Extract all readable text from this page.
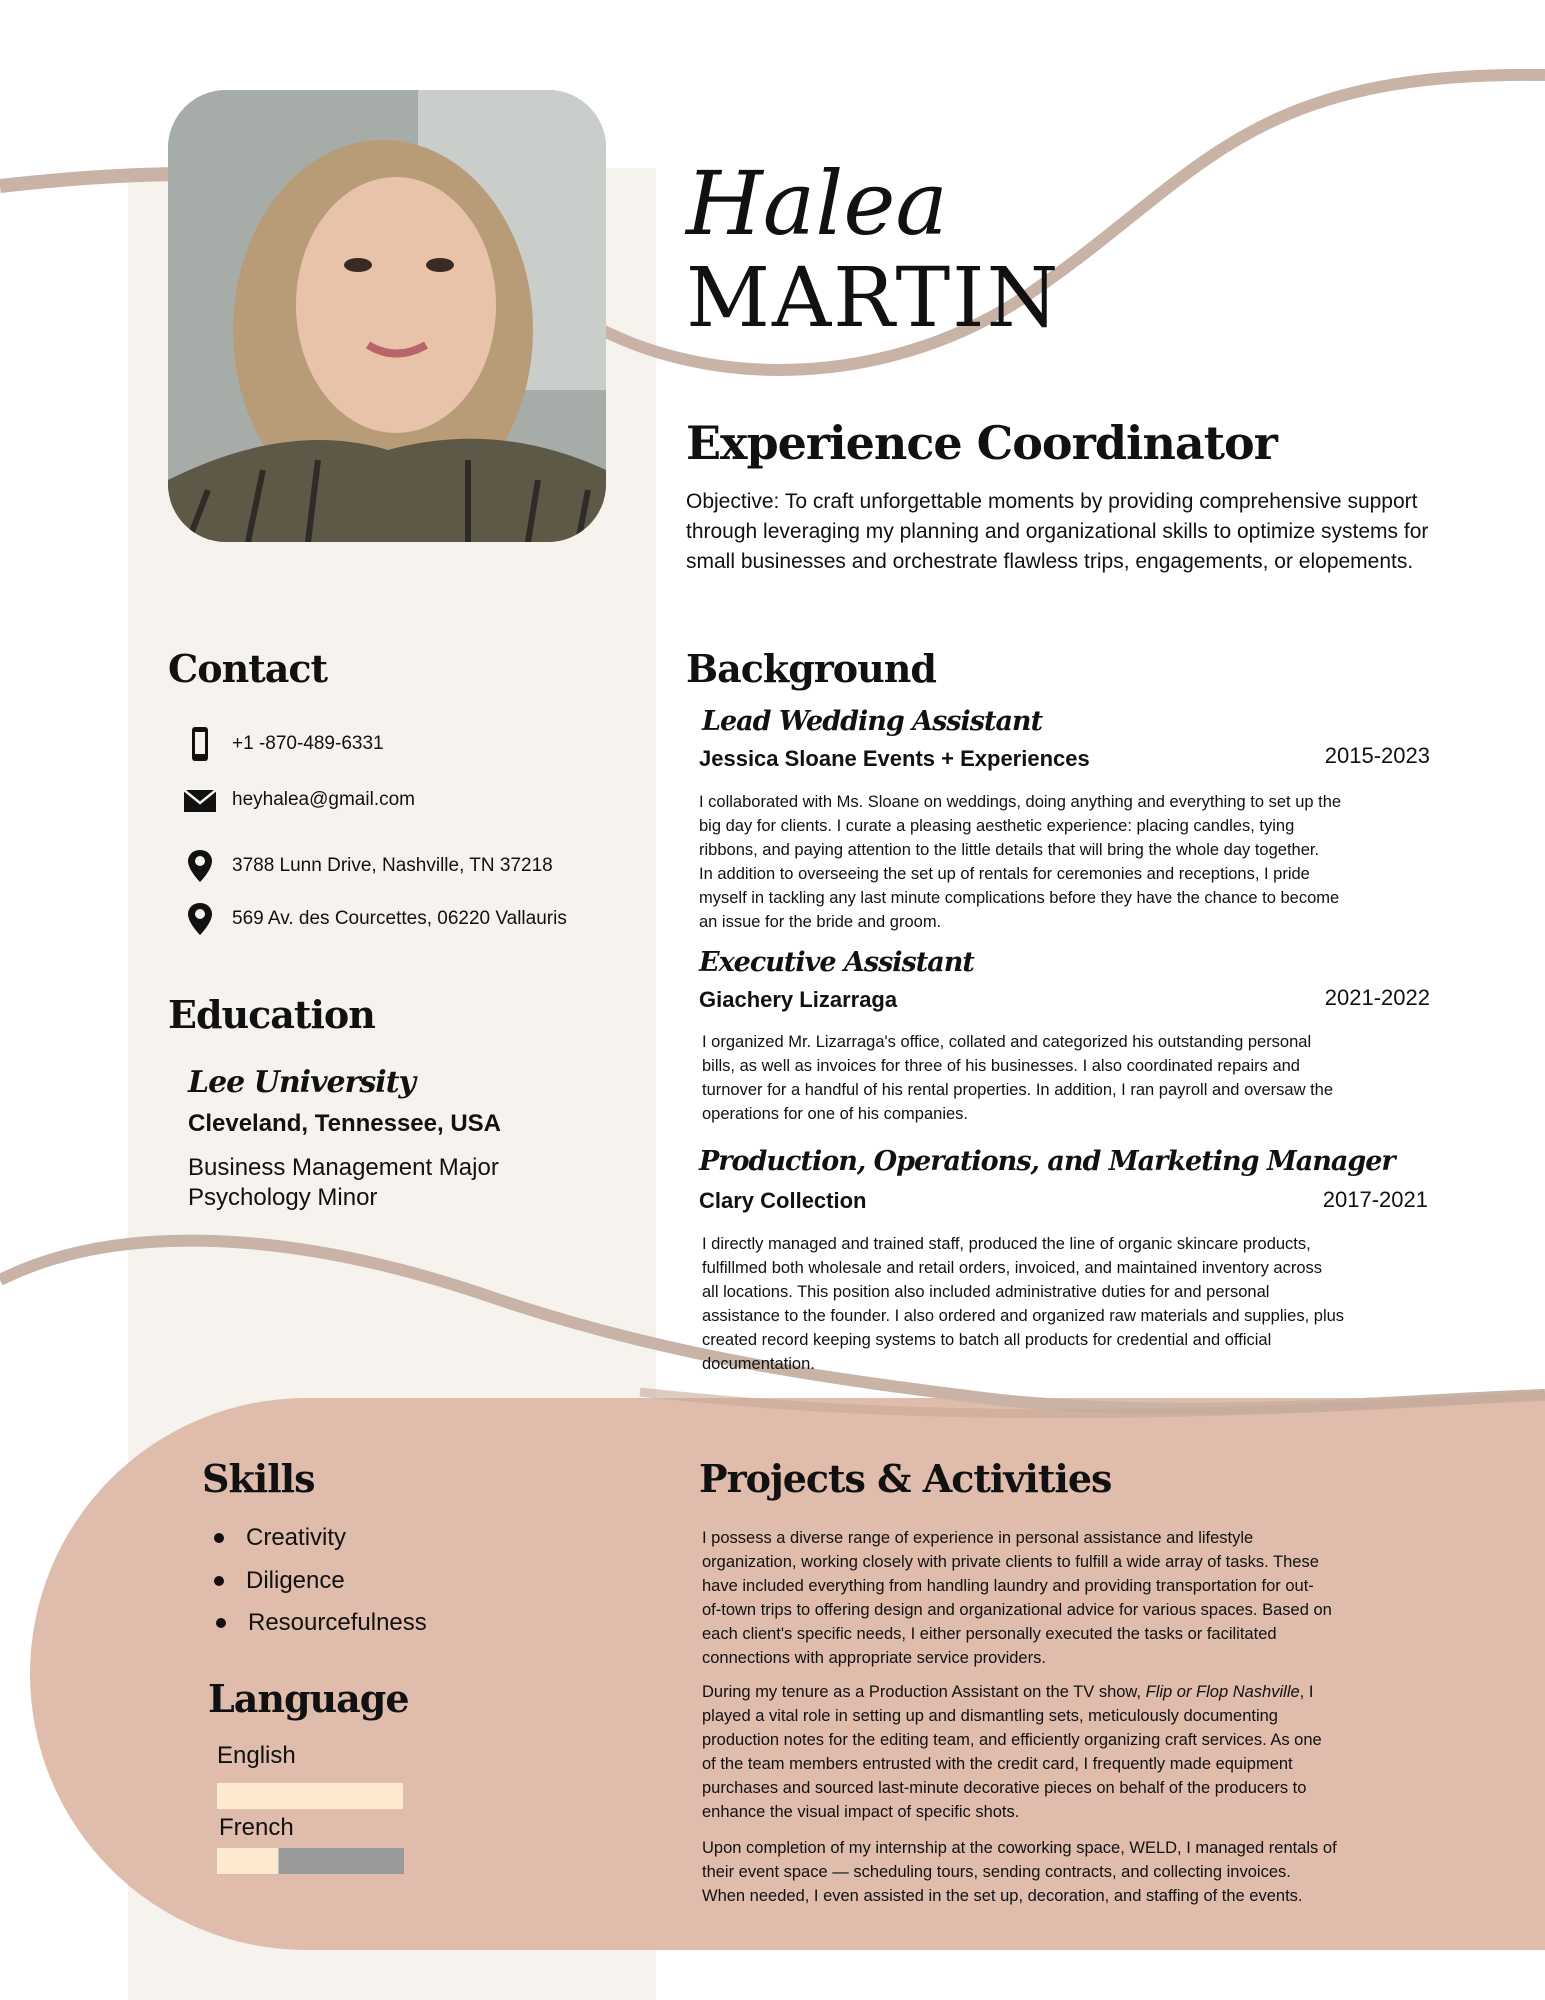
Halea
MARTIN
Experience Coordinator
Objective: To craft unforgettable moments by providing comprehensive support through leveraging my planning and organizational skills to optimize systems for small businesses and orchestrate flawless trips, engagements, or elopements.
Contact
+1 -870-489-6331
heyhalea@gmail.com
3788 Lunn Drive, Nashville, TN 37218
569 Av. des Courcettes, 06220 Vallauris
Education
Lee University
Cleveland, Tennessee, USA
Business Management Major
Psychology Minor
Background
Lead Wedding Assistant
Jessica Sloane Events + Experiences	2015-2023
I collaborated with Ms. Sloane on weddings, doing anything and everything to set up the
big day for clients. I curate a pleasing aesthetic experience: placing candles, tying
ribbons, and paying attention to the little details that will bring the whole day together.
In addition to overseeing the set up of rentals for ceremonies and receptions, I pride
myself in tackling any last minute complications before they have the chance to become
an issue for the bride and groom.
Executive Assistant
Giachery Lizarraga	2021-2022
I organized Mr. Lizarraga's office, collated and categorized his outstanding personal
bills, as well as invoices for three of his businesses. I also coordinated repairs and
turnover for a handful of his rental properties. In addition, I ran payroll and oversaw the
operations for one of his companies.
Production, Operations, and Marketing Manager
Clary Collection	2017-2021
I directly managed and trained staff, produced the line of organic skincare products,
fulfillmed both wholesale and retail orders, invoiced, and maintained inventory across
all locations. This position also included administrative duties for and personal
assistance to the founder. I also ordered and organized raw materials and supplies, plus
created record keeping systems to batch all products for credential and official
documentation.
Skills
Creativity
Diligence
Resourcefulness
Language
English
French
Projects & Activities
I possess a diverse range of experience in personal assistance and lifestyle
organization, working closely with private clients to fulfill a wide array of tasks. These
have included everything from handling laundry and providing transportation for out-
of-town trips to offering design and organizational advice for various spaces. Based on
each client's specific needs, I either personally executed the tasks or facilitated
connections with appropriate service providers.
During my tenure as a Production Assistant on the TV show, Flip or Flop Nashville, I
played a vital role in setting up and dismantling sets, meticulously documenting
production notes for the editing team, and efficiently organizing craft services. As one
of the team members entrusted with the credit card, I frequently made equipment
purchases and sourced last-minute decorative pieces on behalf of the producers to
enhance the visual impact of specific shots.
Upon completion of my internship at the coworking space, WELD, I managed rentals of
their event space — scheduling tours, sending contracts, and collecting invoices.
When needed, I even assisted in the set up, decoration, and staffing of the events.
